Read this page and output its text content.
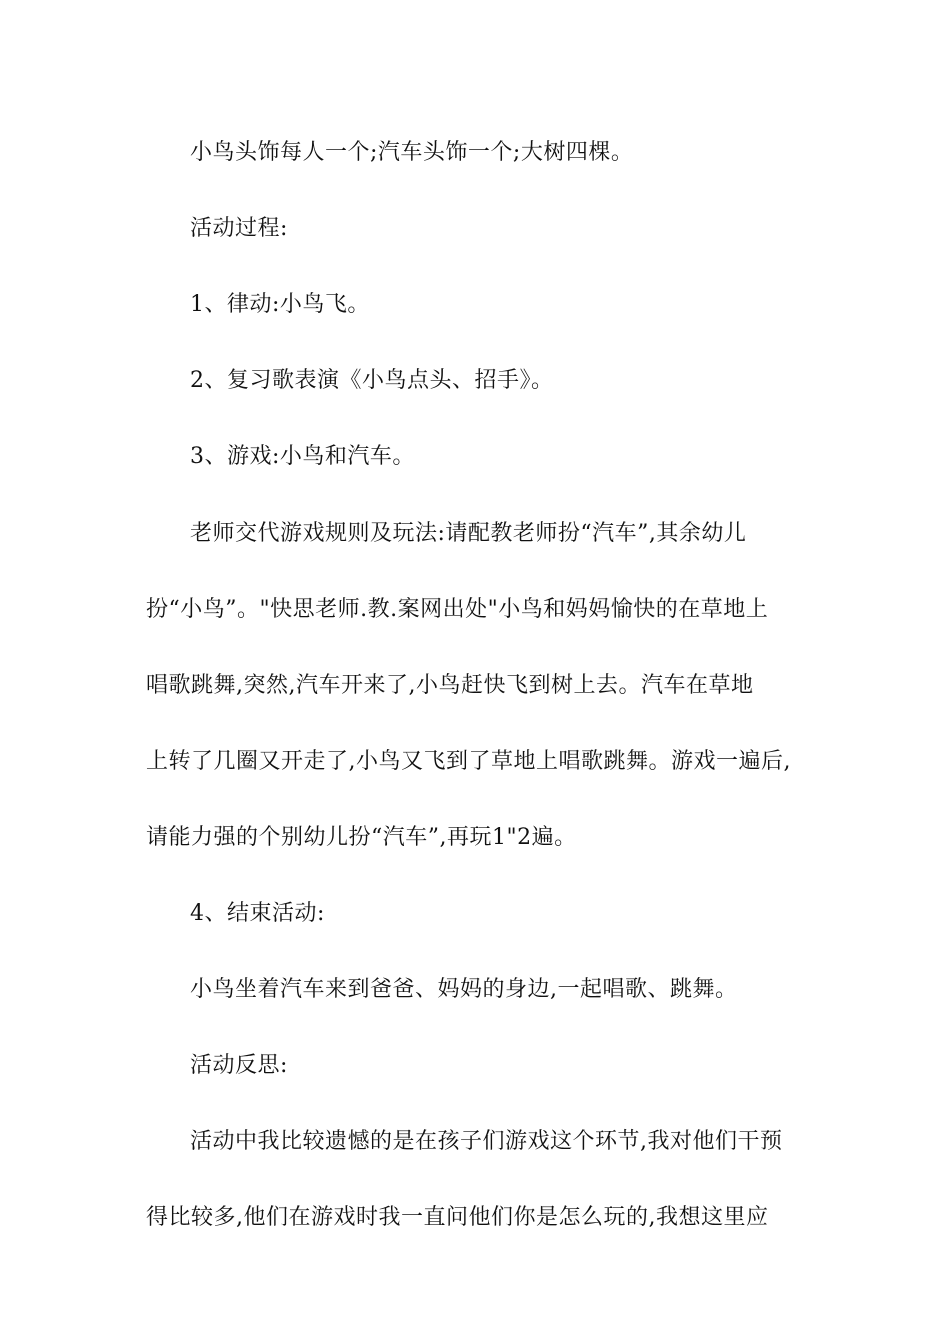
小鸟头饰每人一个;汽车头饰一个;大树四棵。
活动过程:
1、律动:小鸟飞。
2、复习歌表演《小鸟点头、招手》。
3、游戏:小鸟和汽车。
老师交代游戏规则及玩法:请配教老师扮“汽车”,其余幼儿
扮“小鸟”。"快思老师.教.案网出处"小鸟和妈妈愉快的在草地上
唱歌跳舞,突然,汽车开来了,小鸟赶快飞到树上去。汽车在草地
上转了几圈又开走了,小鸟又飞到了草地上唱歌跳舞。游戏一遍后,
请能力强的个别幼儿扮“汽车”,再玩1"2遍。
4、结束活动:
小鸟坐着汽车来到爸爸、妈妈的身边,一起唱歌、跳舞。
活动反思:
活动中我比较遗憾的是在孩子们游戏这个环节,我对他们干预
得比较多,他们在游戏时我一直问他们你是怎么玩的,我想这里应
